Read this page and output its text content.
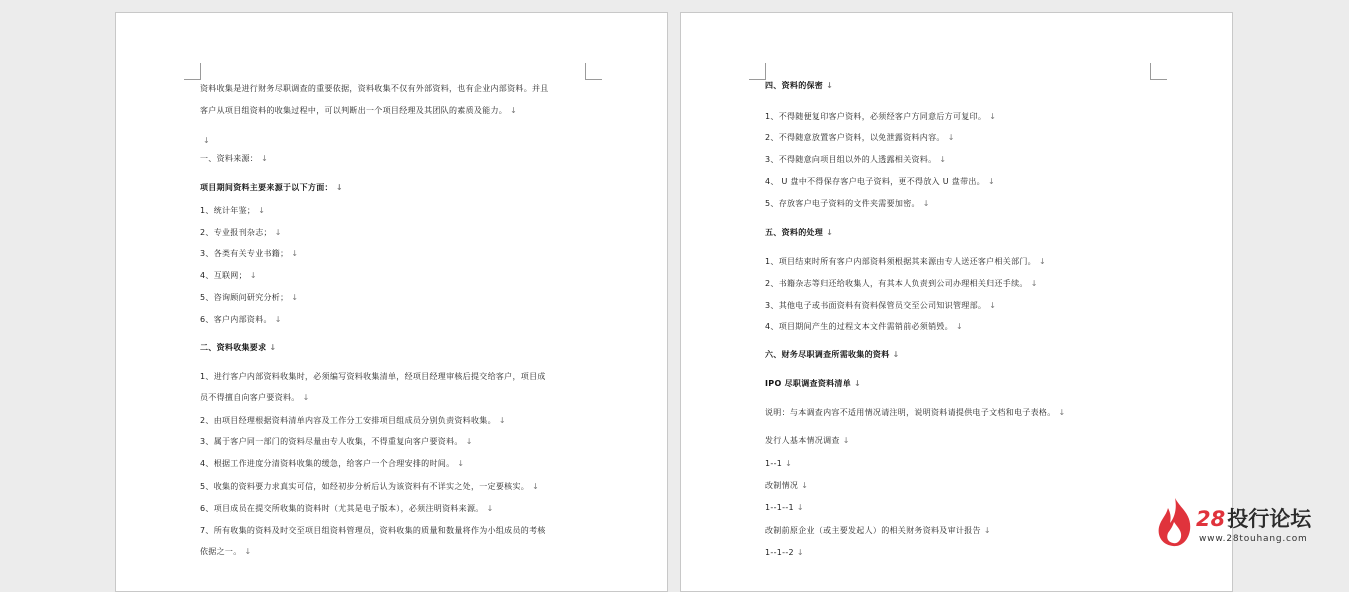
资料收集是进行财务尽职调查的重要依据，资料收集不仅有外部资料，也有企业内部资料。并且
客户从项目组资料的收集过程中，可以判断出一个项目经理及其团队的素质及能力。 ↓
↓
一、资料来源： ↓
项目期间资料主要来源于以下方面： ↓
1、统计年鉴； ↓
2、专业报刊杂志； ↓
3、各类有关专业书籍； ↓
4、互联网； ↓
5、咨询顾问研究分析； ↓
6、客户内部资料。 ↓
二、资料收集要求 ↓
1、进行客户内部资料收集时，必须编写资料收集清单，经项目经理审核后提交给客户，项目成
员不得擅自向客户要资料。 ↓
2、由项目经理根据资料清单内容及工作分工安排项目组成员分别负责资料收集。 ↓
3、属于客户同一部门的资料尽量由专人收集，不得重复向客户要资料。 ↓
4、根据工作进度分清资料收集的缓急，给客户一个合理安排的时间。 ↓
5、收集的资料要力求真实可信，如经初步分析后认为该资料有不详实之处，一定要核实。 ↓
6、项目成员在提交所收集的资料时（尤其是电子版本），必须注明资料来源。 ↓
7、所有收集的资料及时交至项目组资料管理员，资料收集的质量和数量将作为小组成员的考核
依据之一。 ↓
四、资料的保密 ↓
1、不得随便复印客户资料，必须经客户方同意后方可复印。 ↓
2、不得随意放置客户资料，以免泄露资料内容。 ↓
3、不得随意向项目组以外的人透露相关资料。 ↓
4、 U 盘中不得保存客户电子资料，更不得放入 U 盘带出。 ↓
5、存放客户电子资料的文件夹需要加密。 ↓
五、资料的处理 ↓
1、项目结束时所有客户内部资料须根据其来源由专人送还客户相关部门。 ↓
2、书籍杂志等归还给收集人，有其本人负责到公司办理相关归还手续。 ↓
3、其他电子或书面资料有资料保管员交至公司知识管理部。 ↓
4、项目期间产生的过程文本文件需销前必须销毁。 ↓
六、财务尽职调查所需收集的资料 ↓
IPO 尽职调查资料清单 ↓
说明：与本调查内容不适用情况请注明，说明资料请提供电子文档和电子表格。 ↓
发行人基本情况调查 ↓
1--1 ↓
改制情况 ↓
1--1--1 ↓
改制前原企业（或主要发起人）的相关财务资料及审计报告 ↓
1--1--2 ↓
28投行论坛
www.28touhang.com
